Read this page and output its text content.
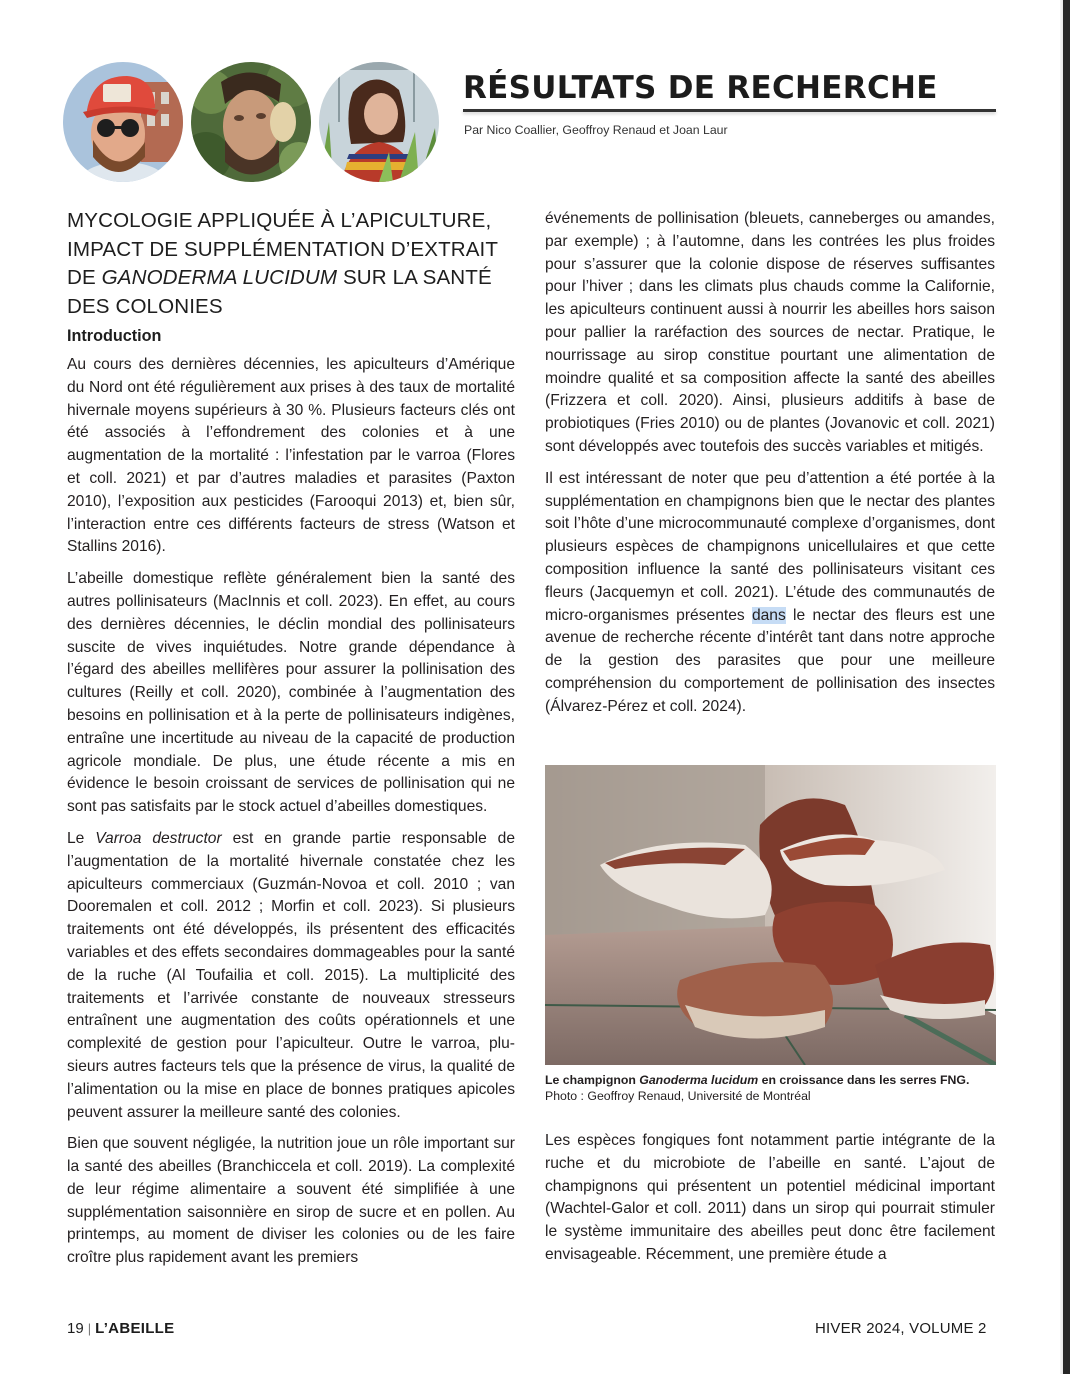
RÉSULTATS DE RECHERCHE
Par Nico Coallier, Geoffroy Renaud et Joan Laur
MYCOLOGIE APPLIQUÉE À L’APICULTURE, IMPACT DE SUPPLÉMENTATION D’EXTRAIT DE GANODERMA LUCIDUM SUR LA SANTÉ DES COLONIES
Introduction

Au cours des dernières décennies, les apiculteurs d’Amérique du Nord ont été régulièrement aux prises à des taux de mortalité hivernale moyens supérieurs à 30 %. Plusieurs facteurs clés ont été associés à l’effondrement des colonies et à une augmentation de la mortalité : l’infestation par le varroa (Flores et coll. 2021) et par d’autres maladies et parasites (Paxton 2010), l’exposition aux pesticides (Farooqui 2013) et, bien sûr, l’interaction entre ces différents facteurs de stress (Watson et Stallins 2016).

L’abeille domestique reflète généralement bien la santé des autres pollinisateurs (MacInnis et coll. 2023). En effet, au cours des dernières décennies, le déclin mondial des pollinisateurs suscite de vives inquiétudes. Notre grande dépendance à l’égard des abeilles mellifères pour assurer la pollinisation des cultures (Reilly et coll. 2020), combinée à l’augmentation des besoins en pollinisation et à la perte de pollinisateurs indigènes, entraîne une incertitude au niveau de la capacité de production agricole mondiale. De plus, une étude récente a mis en évidence le besoin croissant de services de pollinisation qui ne sont pas satisfaits par le stock actuel d’abeilles domestiques.

Le Varroa destructor est en grande partie responsable de l’augmentation de la mortalité hivernale constatée chez les apiculteurs commerciaux (Guzmán-Novoa et coll. 2010 ; van Dooremalen et coll. 2012 ; Morfin et coll. 2023). Si plusieurs traitements ont été développés, ils présentent des efficacités variables et des effets secondaires dommageables pour la santé de la ruche (Al Toufailia et coll. 2015). La multiplicité des traitements et l’arrivée constante de nouveaux stresseurs entraînent une augmentation des coûts opérationnels et une complexité de gestion pour l’apiculteur. Outre le varroa, plusieurs autres facteurs tels que la présence de virus, la qualité de l’alimentation ou la mise en place de bonnes pratiques apicoles peuvent assurer la meilleure santé des colonies.

Bien que souvent négligée, la nutrition joue un rôle important sur la santé des abeilles (Branchiccela et coll. 2019). La complexité de leur régime alimentaire a souvent été simplifiée à une supplémentation saisonnière en sirop de sucre et en pollen. Au printemps, au moment de diviser les colonies ou de les faire croître plus rapidement avant les premiers

événements de pollinisation (bleuets, canneberges ou amandes, par exemple) ; à l’automne, dans les contrées les plus froides pour s’assurer que la colonie dispose de réserves suffisantes pour l’hiver ; dans les climats plus chauds comme la Californie, les apiculteurs continuent aussi à nourrir les abeilles hors saison pour pallier la raréfaction des sources de nectar. Pratique, le nourrissage au sirop constitue pourtant une alimentation de moindre qualité et sa composition affecte la santé des abeilles (Frizzera et coll. 2020). Ainsi, plusieurs additifs à base de probiotiques (Fries 2010) ou de plantes (Jovanovic et coll. 2021) sont développés avec toutefois des succès variables et mitigés.

Il est intéressant de noter que peu d’attention a été portée à la supplémentation en champignons bien que le nectar des plantes soit l’hôte d’une microcommunauté complexe d’organismes, dont plusieurs espèces de champignons unicellulaires et que cette composition influence la santé des pollinisateurs visitant ces fleurs (Jacquemyn et coll. 2021). L’étude des communautés de micro-organismes présentes dans le nectar des fleurs est une avenue de recherche récente d’intérêt tant dans notre approche de la gestion des parasites que pour une meilleure compréhension du comportement de pollinisation des insectes (Álvarez-Pérez et coll. 2024).

Le champignon Ganoderma lucidum en croissance dans les serres FNG. Photo : Geoffroy Renaud, Université de Montréal

Les espèces fongiques font notamment partie intégrante de la ruche et du microbiote de l’abeille en santé. L’ajout de champignons qui présentent un potentiel médicinal important (Wachtel-Galor et coll. 2011) dans un sirop qui pourrait stimuler le système immunitaire des abeilles peut donc être facilement envisageable. Récemment, une première étude a

19 | L’ABEILLE	HIVER 2024, VOLUME 2
